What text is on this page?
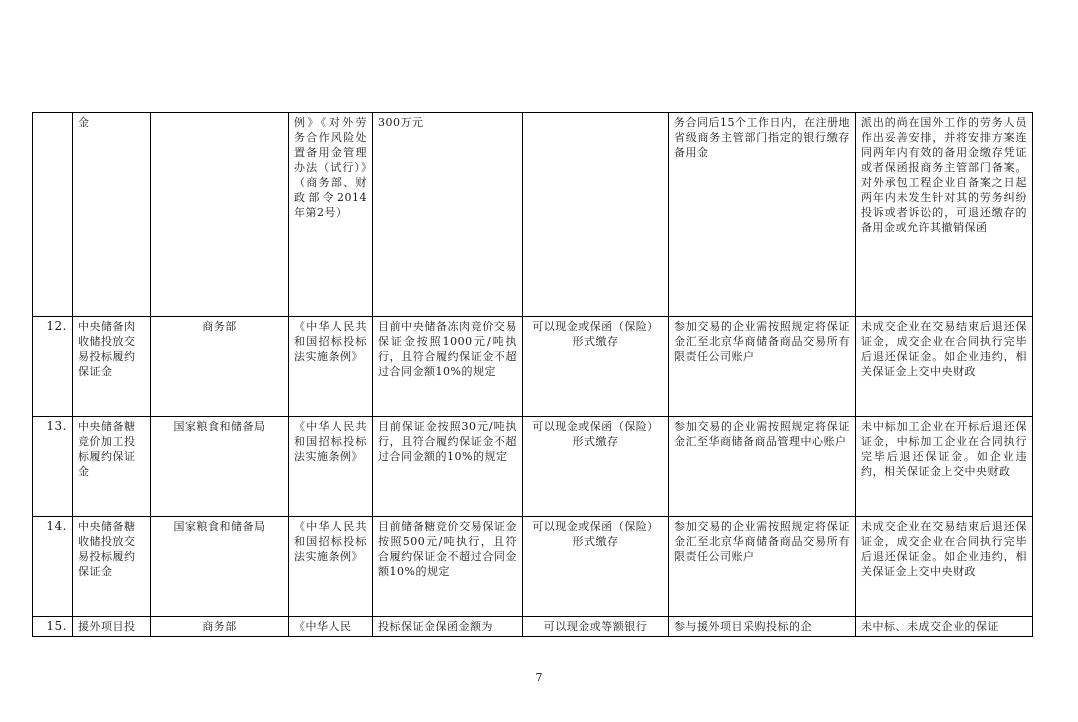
	金		例》《对外劳务合作风险处置备用金管理办法（试行）》（商务部、财政部令2014年第2号）	300万元		务合同后15个工作日内，在注册地省级商务主管部门指定的银行缴存备用金	派出的尚在国外工作的劳务人员作出妥善安排，并将安排方案连同两年内有效的备用金缴存凭证或者保函报商务主管部门备案。对外承包工程企业自备案之日起两年内未发生针对其的劳务纠纷投诉或者诉讼的，可退还缴存的备用金或允许其撤销保函
12.	中央储备肉收储投放交易投标履约保证金	商务部	《中华人民共和国招标投标法实施条例》	目前中央储备冻肉竞价交易保证金按照1000元/吨执行，且符合履约保证金不超过合同金额10%的规定	可以现金或保函（保险）形式缴存	参加交易的企业需按照规定将保证金汇至北京华商储备商品交易所有限责任公司账户	未成交企业在交易结束后退还保证金，成交企业在合同执行完毕后退还保证金。如企业违约，相关保证金上交中央财政
13.	中央储备糖竞价加工投标履约保证金	国家粮食和储备局	《中华人民共和国招标投标法实施条例》	目前保证金按照30元/吨执行，且符合履约保证金不超过合同金额的10%的规定	可以现金或保函（保险）形式缴存	参加交易的企业需按照规定将保证金汇至华商储备商品管理中心账户	未中标加工企业在开标后退还保证金，中标加工企业在合同执行完毕后退还保证金。如企业违约，相关保证金上交中央财政
14.	中央储备糖收储投放交易投标履约保证金	国家粮食和储备局	《中华人民共和国招标投标法实施条例》	目前储备糖竞价交易保证金按照500元/吨执行，且符合履约保证金不超过合同金额10%的规定	可以现金或保函（保险）形式缴存	参加交易的企业需按照规定将保证金汇至北京华商储备商品交易所有限责任公司账户	未成交企业在交易结束后退还保证金，成交企业在合同执行完毕后退还保证金。如企业违约，相关保证金上交中央财政
15.	援外项目投	商务部	《中华人民	投标保证金保函金额为	可以现金或等额银行	参与援外项目采购投标的企	未中标、未成交企业的保证
7
